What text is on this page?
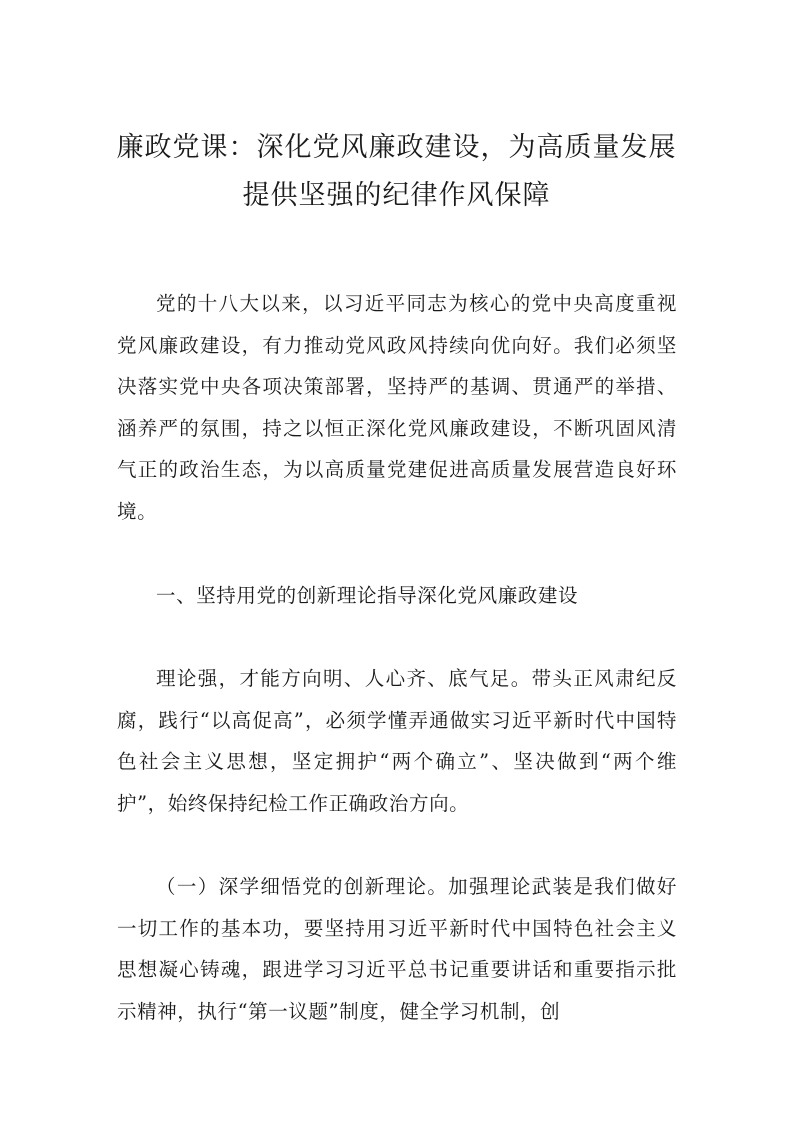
廉政党课：深化党风廉政建设，为高质量发展提供坚强的纪律作风保障

党的十八大以来，以习近平同志为核心的党中央高度重视党风廉政建设，有力推动党风政风持续向优向好。我们必须坚决落实党中央各项决策部署，坚持严的基调、贯通严的举措、涵养严的氛围，持之以恒正深化党风廉政建设，不断巩固风清气正的政治生态，为以高质量党建促进高质量发展营造良好环境。

一、坚持用党的创新理论指导深化党风廉政建设

理论强，才能方向明、人心齐、底气足。带头正风肃纪反腐，践行“以高促高”，必须学懂弄通做实习近平新时代中国特色社会主义思想，坚定拥护“两个确立”、坚决做到“两个维护”，始终保持纪检工作正确政治方向。

（一）深学细悟党的创新理论。加强理论武装是我们做好一切工作的基本功，要坚持用习近平新时代中国特色社会主义思想凝心铸魂，跟进学习习近平总书记重要讲话和重要指示批示精神，执行“第一议题”制度，健全学习机制，创
